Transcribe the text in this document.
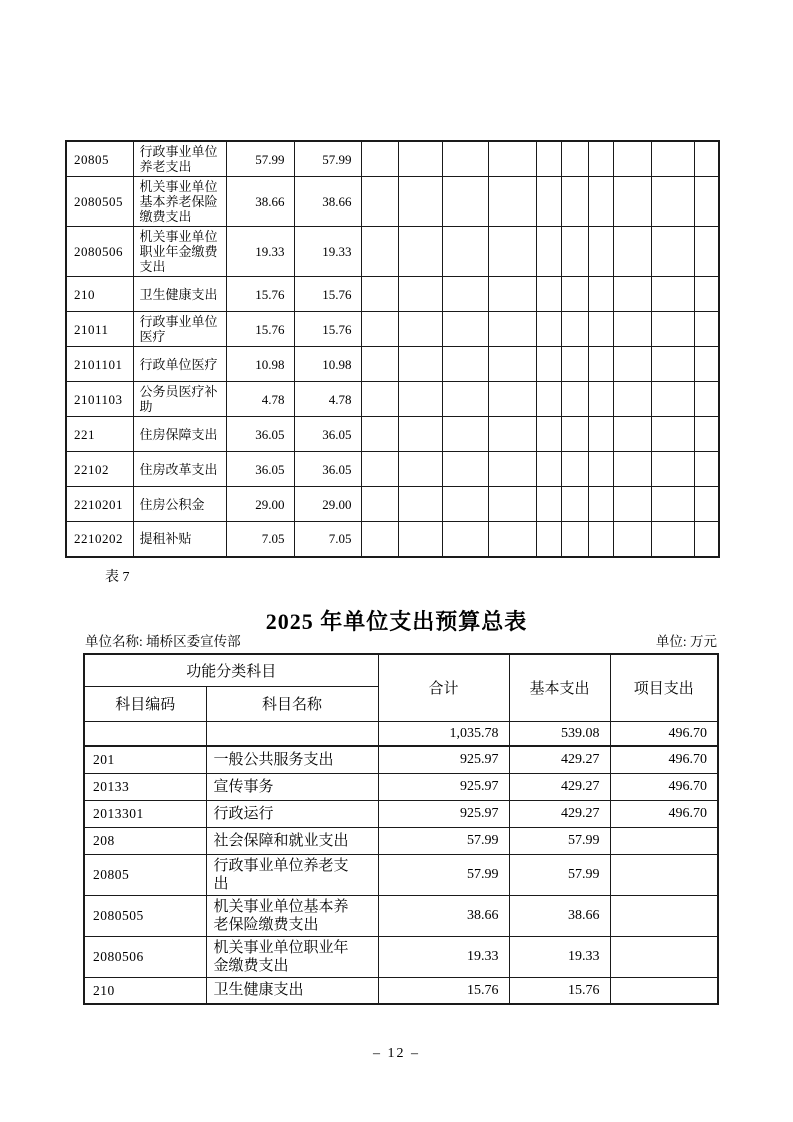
20805	行政事业单位养老支出	57.99	57.99										
2080505	机关事业单位基本养老保险缴费支出	38.66	38.66										
2080506	机关事业单位职业年金缴费支出	19.33	19.33										
210	卫生健康支出	15.76	15.76										
21011	行政事业单位医疗	15.76	15.76										
2101101	行政单位医疗	10.98	10.98										
2101103	公务员医疗补助	4.78	4.78										
221	住房保障支出	36.05	36.05										
22102	住房改革支出	36.05	36.05										
2210201	住房公积金	29.00	29.00										
2210202	提租补贴	7.05	7.05										
表 7
2025 年单位支出预算总表
单位名称: 埇桥区委宣传部	单位: 万元
功能分类科目		合计	基本支出	项目支出
科目编码	科目名称			
		1,035.78	539.08	496.70
201	一般公共服务支出	925.97	429.27	496.70
20133	宣传事务	925.97	429.27	496.70
2013301	行政运行	925.97	429.27	496.70
208	社会保障和就业支出	57.99	57.99	
20805	行政事业单位养老支出	57.99	57.99	
2080505	机关事业单位基本养老保险缴费支出	38.66	38.66	
2080506	机关事业单位职业年金缴费支出	19.33	19.33	
210	卫生健康支出	15.76	15.76	
– 12 –
